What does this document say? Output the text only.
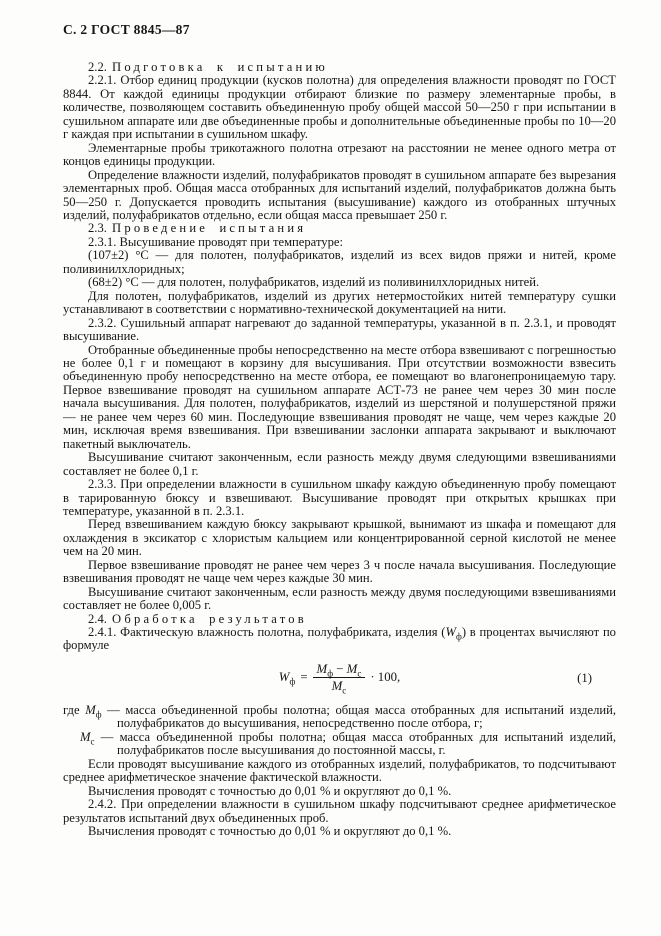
С. 2 ГОСТ 8845—87

2.2. Подготовка к испытанию

2.2.1. Отбор единиц продукции (кусков полотна) для определения влажности проводят по ГОСТ 8844. От каждой единицы продукции отбирают близкие по размеру элементарные пробы, в количестве, позволяющем составить объединенную пробу общей массой 50—250 г при испытании в сушильном аппарате или две объединенные пробы и дополнительные объединенные пробы по 10—20 г каждая при испытании в сушильном шкафу.

Элементарные пробы трикотажного полотна отрезают на расстоянии не менее одного метра от концов единицы продукции.

Определение влажности изделий, полуфабрикатов проводят в сушильном аппарате без вырезания элементарных проб. Общая масса отобранных для испытаний изделий, полуфабрикатов должна быть 50—250 г. Допускается проводить испытания (высушивание) каждого из отобранных штучных изделий, полуфабрикатов отдельно, если общая масса превышает 250 г.

2.3. Проведение испытания

2.3.1. Высушивание проводят при температуре:

(107±2) °С — для полотен, полуфабрикатов, изделий из всех видов пряжи и нитей, кроме поливинилхлоридных;

(68±2) °С — для полотен, полуфабрикатов, изделий из поливинилхлоридных нитей.

Для полотен, полуфабрикатов, изделий из других нетермостойких нитей температуру сушки устанавливают в соответствии с нормативно-технической документацией на нити.

2.3.2. Сушильный аппарат нагревают до заданной температуры, указанной в п. 2.3.1, и проводят высушивание.

Отобранные объединенные пробы непосредственно на месте отбора взвешивают с погрешностью не более 0,1 г и помещают в корзину для высушивания. При отсутствии возможности взвесить объединенную пробу непосредственно на месте отбора, ее помещают во влагонепроницаемую тару. Первое взвешивание проводят на сушильном аппарате АСТ-73 не ранее чем через 30 мин после начала высушивания. Для полотен, полуфабрикатов, изделий из шерстяной и полушерстяной пряжи — не ранее чем через 60 мин. Последующие взвешивания проводят не чаще, чем через каждые 20 мин, исключая время взвешивания. При взвешивании заслонки аппарата закрывают и выключают пакетный выключатель.

Высушивание считают законченным, если разность между двумя следующими взвешиваниями составляет не более 0,1 г.

2.3.3. При определении влажности в сушильном шкафу каждую объединенную пробу помещают в тарированную бюксу и взвешивают. Высушивание проводят при открытых крышках при температуре, указанной в п. 2.3.1.

Перед взвешиванием каждую бюксу закрывают крышкой, вынимают из шкафа и помещают для охлаждения в эксикатор с хлористым кальцием или концентрированной серной кислотой не менее чем на 20 мин.

Первое взвешивание проводят не ранее чем через 3 ч после начала высушивания. Последующие взвешивания проводят не чаще чем через каждые 30 мин.

Высушивание считают законченным, если разность между двумя последующими взвешиваниями составляет не более 0,005 г.

2.4. Обработка результатов

2.4.1. Фактическую влажность полотна, полуфабриката, изделия $(W_ф)$ в процентах вычисляют по формуле

$W_ф = \frac{М_ф - М_с}{М_с} \cdot 100$,	(1)

где $М_ф$ — масса объединенной пробы полотна; общая масса отобранных для испытаний изделий, полуфабрикатов до высушивания, непосредственно после отбора, г;

$М_с$ — масса объединенной пробы полотна; общая масса отобранных для испытаний изделий, полуфабрикатов после высушивания до постоянной массы, г.

Если проводят высушивание каждого из отобранных изделий, полуфабрикатов, то подсчитывают среднее арифметическое значение фактической влажности.

Вычисления проводят с точностью до 0,01 % и округляют до 0,1 %.

2.4.2. При определении влажности в сушильном шкафу подсчитывают среднее арифметическое результатов испытаний двух объединенных проб.

Вычисления проводят с точностью до 0,01 % и округляют до 0,1 %.
